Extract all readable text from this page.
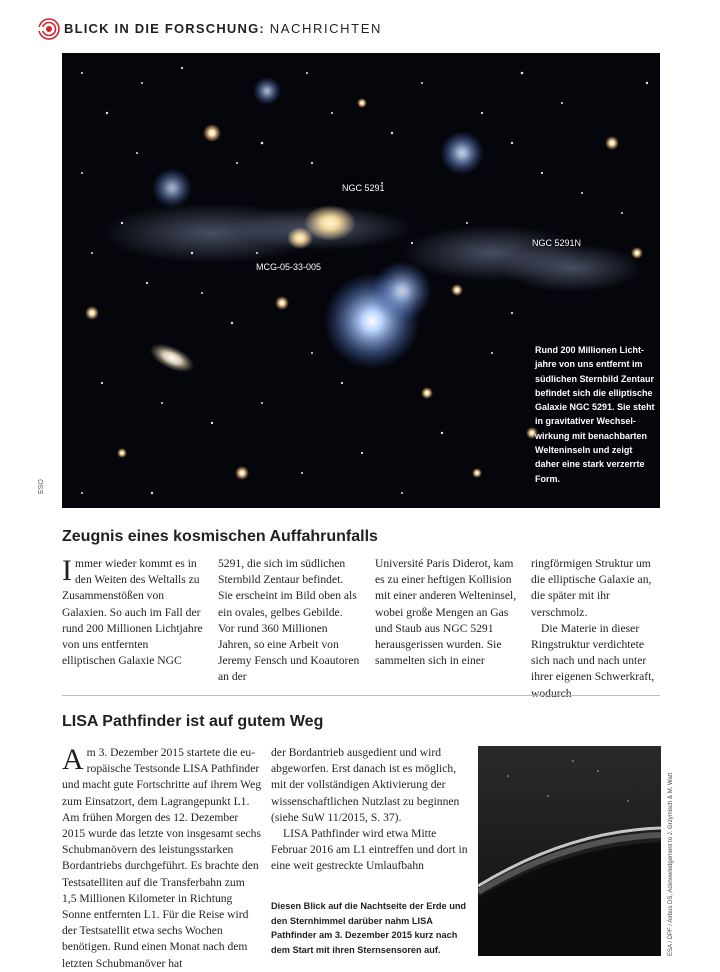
BLICK IN DIE FORSCHUNG: NACHRICHTEN
NGC 5291
MCG-05-33-005
NGC 5291N
Rund 200 Millionen Lichtjahre von uns entfernt im südlichen Sternbild Zentaur befindet sich die elliptische Galaxie NGC 5291. Sie steht in gravitativer Wechselwirkung mit benachbarten Welteninseln und zeigt daher eine stark verzerrte Form.
ESO
Zeugnis eines kosmischen Auffahrunfalls

Immer wieder kommt es in den Weiten des Weltalls zu Zusammenstößen von Galaxien. So auch im Fall der rund 200 Millionen Lichtjahre von uns entfernten elliptischen Galaxie NGC

5291, die sich im südlichen Sternbild Zentaur befindet. Sie erscheint im Bild oben als ein ovales, gelbes Gebilde. Vor rund 360 Millionen Jahren, so eine Arbeit von Jeremy Fensch und Koautoren an der

Université Paris Diderot, kam es zu einer heftigen Kollision mit einer anderen Welteninsel, wobei große Mengen an Gas und Staub aus NGC 5291 herausgerissen wurden. Sie sammelten sich in einer

ringförmigen Struktur um die elliptische Galaxie an, die später mit ihr verschmolz.

Die Materie in dieser Ringstruktur verdichtete sich nach und nach unter ihrer eigenen Schwerkraft, wodurch

LISA Pathfinder ist auf gutem Weg

Am 3. Dezember 2015 startete die europäische Testsonde LISA Pathfinder und macht gute Fortschritte auf ihrem Weg zum Einsatzort, dem Lagrangepunkt L1. Am frühen Morgen des 12. Dezember 2015 wurde das letzte von insgesamt sechs Schubmanövern des leistungsstarken Bordantriebs durchgeführt. Es brachte den Testsatelliten auf die Transferbahn zum 1,5 Millionen Kilometer in Richtung Sonne entfernten L1. Für die Reise wird der Testsatellit etwa sechs Wochen benötigen. Rund einen Monat nach dem letzten Schubmanöver hat

der Bordantrieb ausgedient und wird abgeworfen. Erst danach ist es möglich, mit der vollständigen Aktivierung der wissenschaftlichen Nutzlast zu beginnen (siehe SuW 11/2015, S. 37).

LISA Pathfinder wird etwa Mitte Februar 2016 am L1 eintreffen und dort in eine weit gestreckte Umlaufbahn

Diesen Blick auf die Nachtseite der Erde und den Sternhimmel darüber nahm LISA Pathfinder am 3. Dezember 2015 kurz nach dem Start mit ihren Sternsensoren auf.	ESA / DPF / Airbus DS, Acknowledgement to J. Grzymisch & M. Watt
